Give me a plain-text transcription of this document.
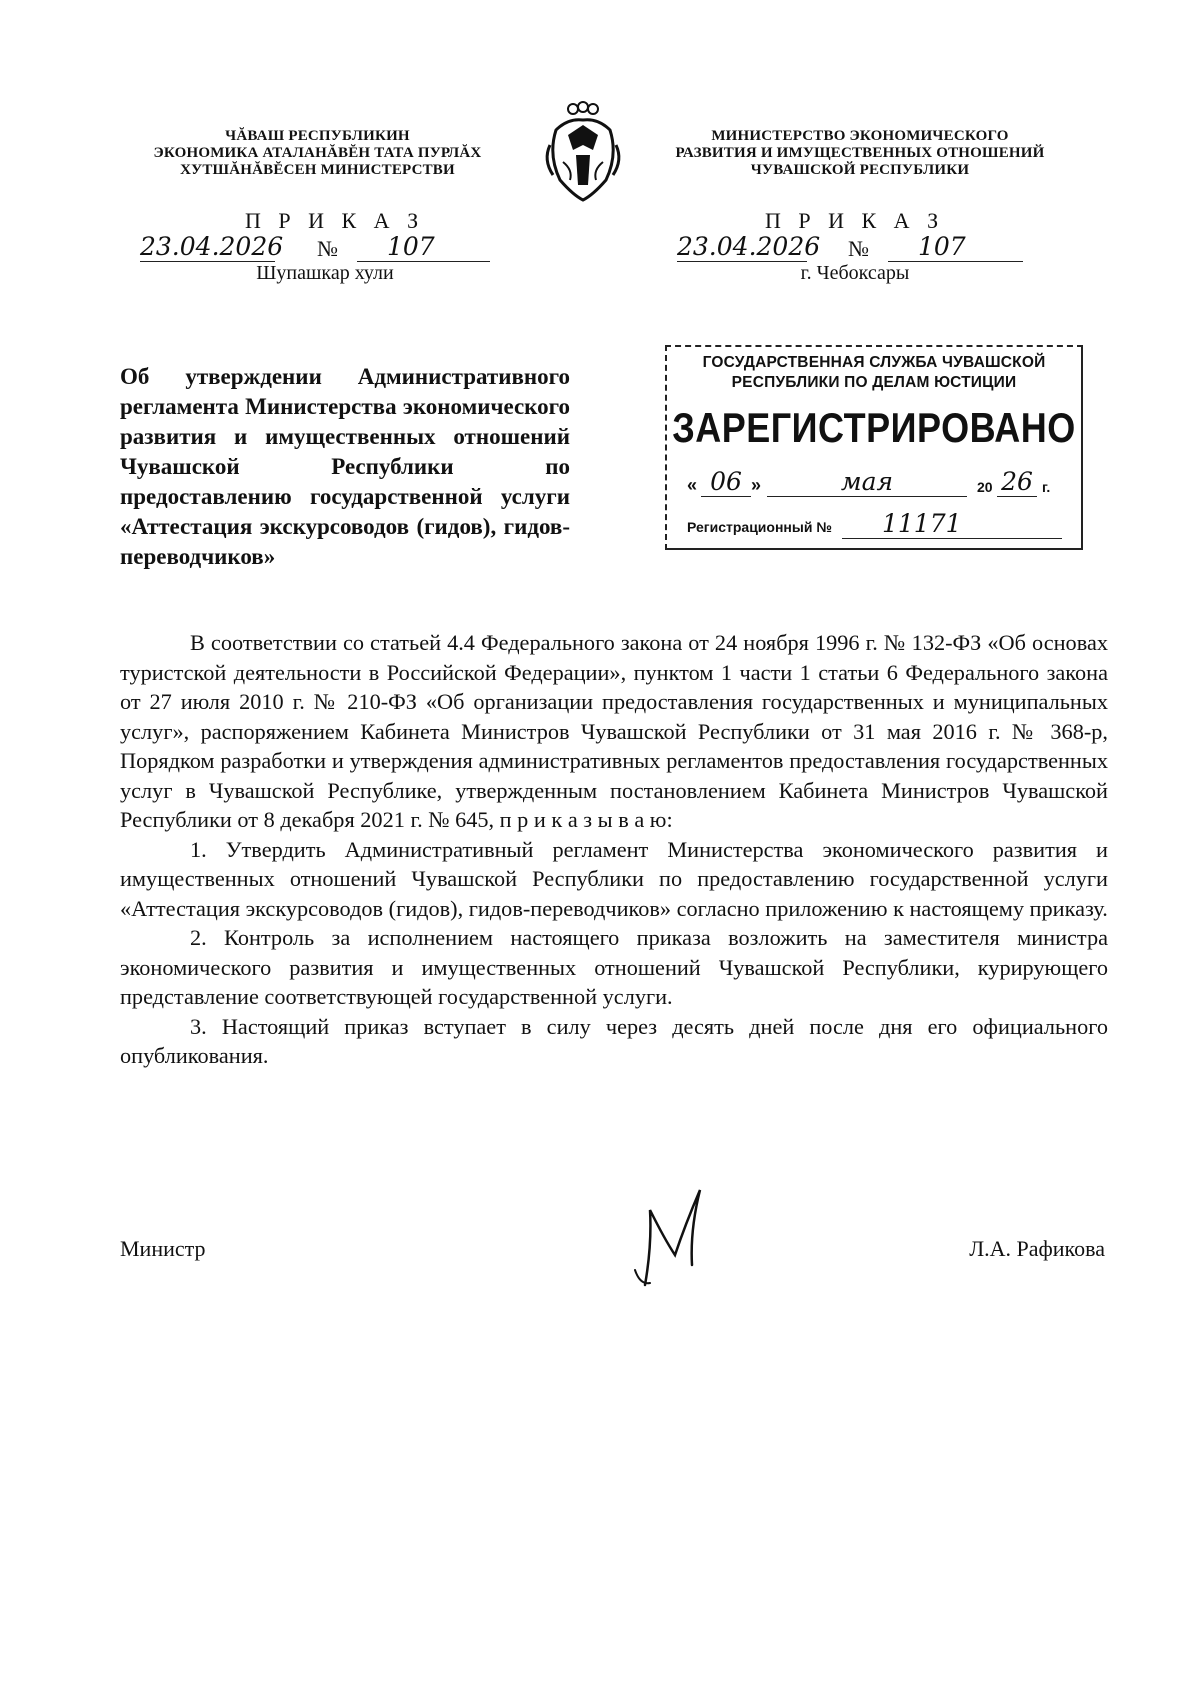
ЧĂВАШ РЕСПУБЛИКИН
ЭКОНОМИКА АТАЛАНĂВĔН ТАТА ПУРЛĂХ
ХУТШĂНĂВĔСЕН МИНИСТЕРСТВИ
МИНИСТЕРСТВО ЭКОНОМИЧЕСКОГО
РАЗВИТИЯ И ИМУЩЕСТВЕННЫХ ОТНОШЕНИЙ
ЧУВАШСКОЙ РЕСПУБЛИКИ
П Р И К А З
23.04.2026 №	107
Шупашкар хули
П Р И К А З
23.04.2026 №	107
г. Чебоксары
Об утверждении Административного регламента Министерства экономического развития и имущественных отношений Чувашской Республики по предоставлению государственной услуги «Аттестация экскурсоводов (гидов), гидов-переводчиков»
ГОСУДАРСТВЕННАЯ СЛУЖБА ЧУВАШСКОЙ
РЕСПУБЛИКИ ПО ДЕЛАМ ЮСТИЦИИ
ЗАРЕГИСТРИРОВАНО
« 06 »	мая	20 26 г.
Регистрационный №	11171

В соответствии со статьей 4.4 Федерального закона от 24 ноября 1996 г. № 132-ФЗ «Об основах туристской деятельности в Российской Федерации», пунктом 1 части 1 статьи 6 Федерального закона от 27 июля 2010 г. № 210-ФЗ «Об организации предоставления государственных и муниципальных услуг», распоряжением Кабинета Министров Чувашской Республики от 31 мая 2016 г. № 368-р, Порядком разработки и утверждения административных регламентов предоставления государственных услуг в Чувашской Республике, утвержденным постановлением Кабинета Министров Чувашской Республики от 8 декабря 2021 г. № 645, п р и к а з ы в а ю:

1. Утвердить Административный регламент Министерства экономического развития и имущественных отношений Чувашской Республики по предоставлению государственной услуги «Аттестация экскурсоводов (гидов), гидов-переводчиков» согласно приложению к настоящему приказу.

2. Контроль за исполнением настоящего приказа возложить на заместителя министра экономического развития и имущественных отношений Чувашской Республики, курирующего представление соответствующей государственной услуги.

3. Настоящий приказ вступает в силу через десять дней после дня его официального опубликования.

Министр	Л.А. Рафикова
